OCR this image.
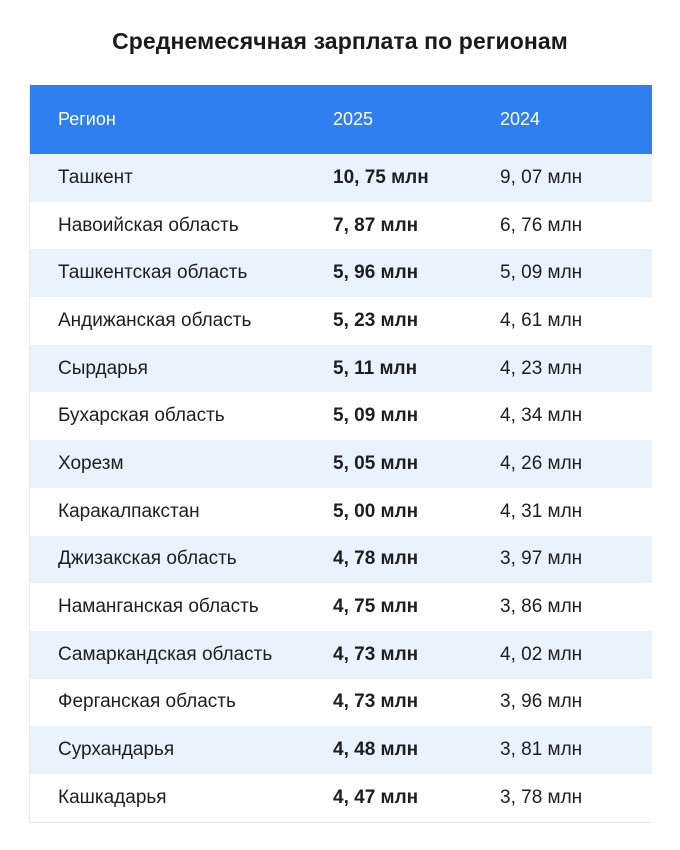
Среднемесячная зарплата по регионам
Регион	2025	2024
Ташкент	10, 75 млн	9, 07 млн
Навоийская область	7, 87 млн	6, 76 млн
Ташкентская область	5, 96 млн	5, 09 млн
Андижанская область	5, 23 млн	4, 61 млн
Сырдарья	5, 11 млн	4, 23 млн
Бухарская область	5, 09 млн	4, 34 млн
Хорезм	5, 05 млн	4, 26 млн
Каракалпакстан	5, 00 млн	4, 31 млн
Джизакская область	4, 78 млн	3, 97 млн
Наманганская область	4, 75 млн	3, 86 млн
Самаркандская область	4, 73 млн	4, 02 млн
Ферганская область	4, 73 млн	3, 96 млн
Сурхандарья	4, 48 млн	3, 81 млн
Кашкадарья	4, 47 млн	3, 78 млн
